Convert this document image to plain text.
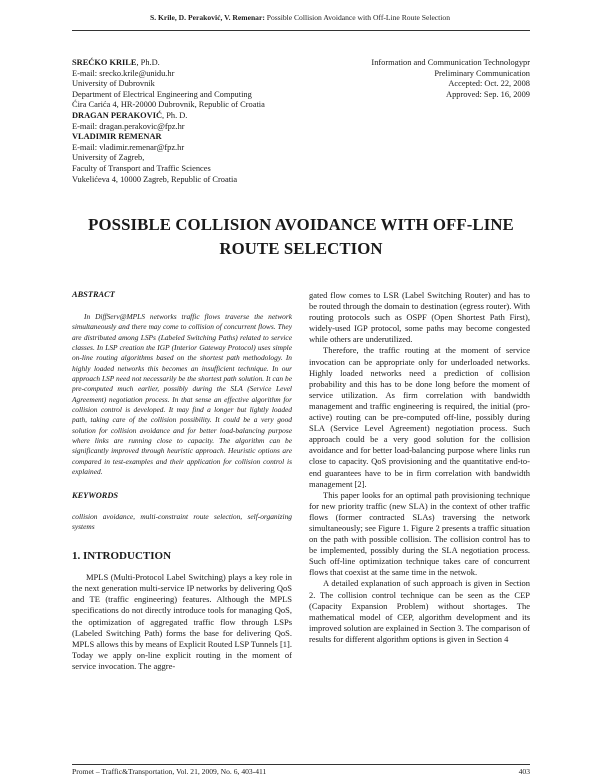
S. Krile, D. Peraković, V. Remenar: Possible Collision Avoidance with Off-Line Route Selection
SREĆKO KRILE, Ph.D.
E-mail: srecko.krile@unidu.hr
University of Dubrovnik
Department of Electrical Engineering and Computing
Ćira Carića 4, HR-20000 Dubrovnik, Republic of Croatia
DRAGAN PERAKOVIĆ, Ph. D.
E-mail: dragan.perakovic@fpz.hr
VLADIMIR REMENAR
E-mail: vladimir.remenar@fpz.hr
University of Zagreb,
Faculty of Transport and Traffic Sciences
Vukelićeva 4, 10000 Zagreb, Republic of Croatia
Information and Communication Technologypr
Preliminary Communication
Accepted: Oct. 22, 2008
Approved: Sep. 16, 2009
POSSIBLE COLLISION AVOIDANCE WITH OFF-LINE
ROUTE SELECTION

ABSTRACT

In DiffServ@MPLS networks traffic flows traverse the network simultaneously and there may come to collision of concurrent flows. They are distributed among LSPs (Labeled Switching Paths) related to service classes. In LSP creation the IGP (Interior Gateway Protocol) uses simple on-line routing algorithms based on the shortest path methodology. In highly loaded networks this becomes an insufficient technique. In our approach LSP need not necessarily be the shortest path solution. It can be pre-computed much earlier, possibly during the SLA (Service Level Agreement) negotiation process. In that sense an effective algorithm for collision control is developed. It may find a longer but lightly loaded path, taking care of the collision possibility. It could be a very good solution for collision avoidance and for better load-balancing purpose where links are running close to capacity. The algorithm can be significantly improved through heuristic approach. Heuristic options are compared in test-examples and their application for collision control is explained.

KEYWORDS

collision avoidance, multi-constraint route selection, self-organizing systems

1. INTRODUCTION

MPLS (Multi-Protocol Label Switching) plays a key role in the next generation multi-service IP networks by delivering QoS and TE (traffic engineering) features. Although the MPLS specifications do not directly introduce tools for managing QoS, the optimization of aggregated traffic flow through LSPs (Labeled Switching Path) forms the base for delivering QoS. MPLS allows this by means of Explicit Routed LSP Tunnels [1]. Today we apply on-line explicit routing in the moment of service invocation. The aggre-

gated flow comes to LSR (Label Switching Router) and has to be routed through the domain to destination (egress router). With routing protocols such as OSPF (Open Shortest Path First), widely-used IGP protocol, some paths may become congested while others are underutilized.

Therefore, the traffic routing at the moment of service invocation can be appropriate only for underloaded networks. Highly loaded networks need a prediction of collision probability and this has to be done long before the moment of service utilization. As firm correlation with bandwidth management and traffic engineering is required, the initial (pro-active) routing can be pre-computed off-line, possibly during SLA (Service Level Agreement) negotiation process. Such approach could be a very good solution for the collision avoidance and for better load-balancing purpose where links run close to capacity. QoS provisioning and the quantitative end-to-end guarantees have to be in firm correlation with bandwidth management [2].

This paper looks for an optimal path provisioning technique for new priority traffic (new SLA) in the context of other traffic flows (former contracted SLAs) traversing the network simultaneously; see Figure 1. Figure 2 presents a traffic situation on the path with possible collision. The collision control has to be implemented, possibly during the SLA negotiation process. Such off-line optimization technique takes care of concurrent flows that coexist at the same time in the netwok.

A detailed explanation of such approach is given in Section 2. The collision control technique can be seen as the CEP (Capacity Expansion Problem) without shortages. The mathematical model of CEP, algorithm development and its improved solution are explained in Section 3. The comparison of results for different algorithm options is given in Section 4

Promet – Traffic&Transportation, Vol. 21, 2009, No. 6, 403-411	403
